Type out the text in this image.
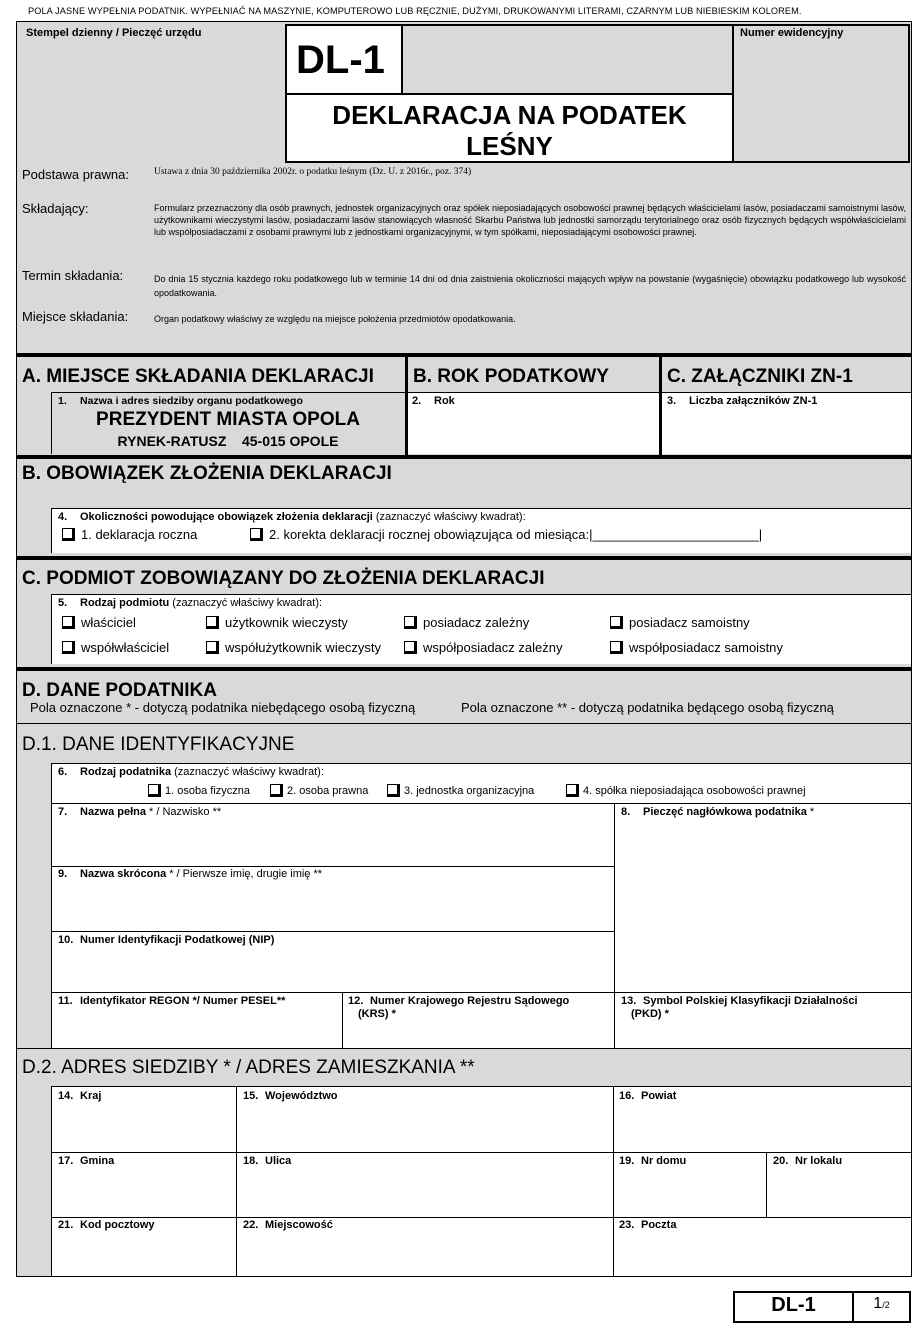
POLA JASNE WYPEŁNIA PODATNIK. WYPEŁNIAĆ NA MASZYNIE, KOMPUTEROWO LUB RĘCZNIE, DUŻYMI, DRUKOWANYMI LITERAMI, CZARNYM LUB NIEBIESKIM KOLOREM.
Stempel dzienny / Pieczęć urzędu
DL-1
DEKLARACJA NA PODATEK
LEŚNY
Numer ewidencyjny
Podstawa prawna:	Ustawa z dnia 30 października 2002r. o podatku leśnym (Dz. U. z 2016r., poz. 374)
Składający:	Formularz przeznaczony dla osób prawnych, jednostek organizacyjnych oraz spółek nieposiadających osobowości prawnej będących właścicielami lasów, posiadaczami samoistnymi lasów, użytkownikami wieczystymi lasów, posiadaczami lasów stanowiących własność Skarbu Państwa lub jednostki samorządu terytorialnego oraz osób fizycznych będących współwłaścicielami lub współposiadaczami z osobami prawnymi lub z jednostkami organizacyjnymi, w tym spółkami, nieposiadającymi osobowości prawnej.
Termin składania:	Do dnia 15 stycznia każdego roku podatkowego lub w terminie 14 dni od dnia zaistnienia okoliczności mających wpływ na powstanie (wygaśnięcie) obowiązku podatkowego lub wysokość opodatkowania.
Miejsce składania:	Organ podatkowy właściwy ze względu na miejsce położenia przedmiotów opodatkowania.
A. MIEJSCE SKŁADANIA DEKLARACJI B. ROK PODATKOWY	C. ZAŁĄCZNIKI ZN-1
1. Nazwa i adres siedziby organu podatkowego
PREZYDENT MIASTA OPOLA
RYNEK-RATUSZ    45-015 OPOLE
2. Rok	3. Liczba załączników ZN-1
B. OBOWIĄZEK ZŁOŻENIA DEKLARACJI
4. Okoliczności powodujące obowiązek złożenia deklaracji (zaznaczyć właściwy kwadrat):
1. deklaracja roczna	2. korekta deklaracji rocznej obowiązująca od miesiąca:|_______________________|
C. PODMIOT ZOBOWIĄZANY DO ZŁOŻENIA DEKLARACJI
5. Rodzaj podmiotu (zaznaczyć właściwy kwadrat):
właściciel	użytkownik wieczysty	posiadacz zależny	posiadacz samoistny
współwłaściciel	współużytkownik wieczysty	współposiadacz zależny	współposiadacz samoistny
D. DANE PODATNIKA
Pola oznaczone * - dotyczą podatnika niebędącego osobą fizyczną	Pola oznaczone ** - dotyczą podatnika będącego osobą fizyczną
D.1. DANE IDENTYFIKACYJNE
6. Rodzaj podatnika (zaznaczyć właściwy kwadrat):
1. osoba fizyczna	2. osoba prawna	3. jednostka organizacyjna	4. spółka nieposiadająca osobowości prawnej
7. Nazwa pełna * / Nazwisko **	8. Pieczęć nagłówkowa podatnika *
9. Nazwa skrócona * / Pierwsze imię, drugie imię **
10. Numer Identyfikacji Podatkowej (NIP)
11. Identyfikator REGON */ Numer PESEL**	12. Numer Krajowego Rejestru Sądowego
(KRS) *
13. Symbol Polskiej Klasyfikacji Działalności
(PKD) *
D.2. ADRES SIEDZIBY * / ADRES ZAMIESZKANIA **
14. Kraj	15. Województwo	16. Powiat
17. Gmina	18. Ulica	19. Nr domu	20. Nr lokalu
21. Kod pocztowy	22. Miejscowość	23. Poczta
DL-1	1/2
